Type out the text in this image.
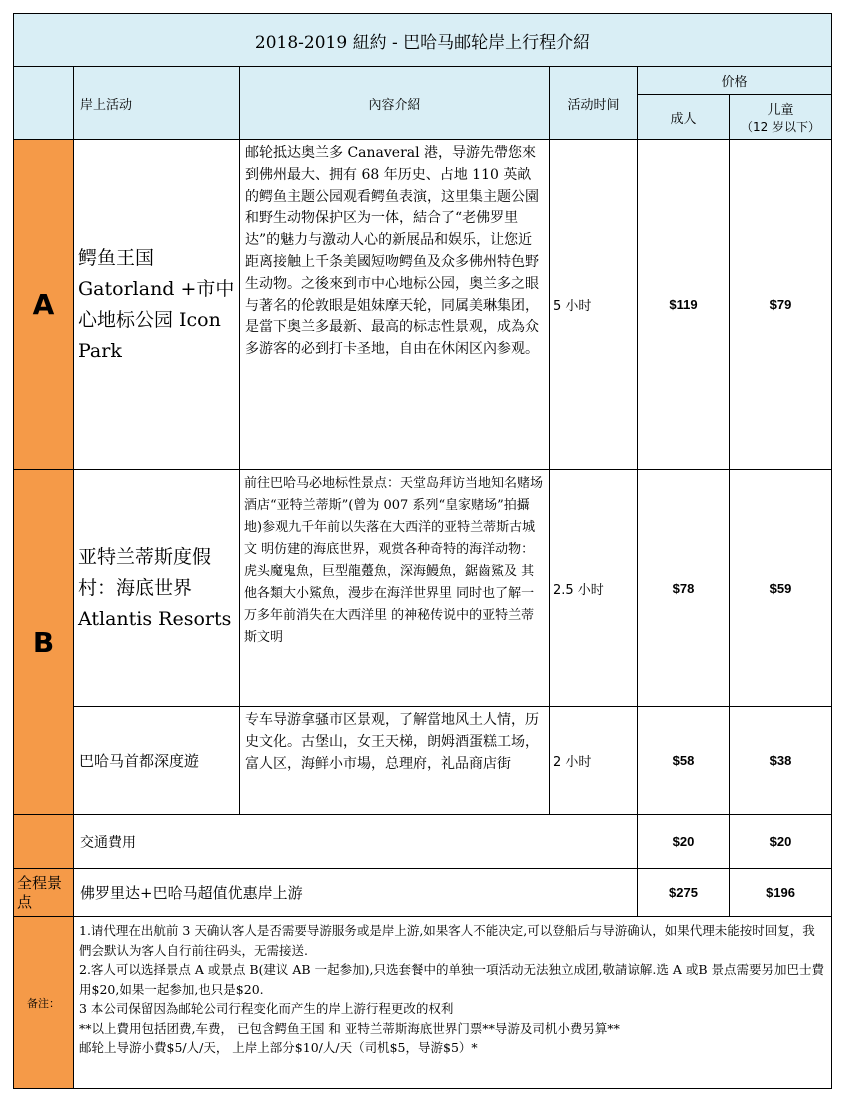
2018-2019 紐約 - 巴哈马邮轮岸上行程介紹					
	岸上活动	內容介紹	活动时间	价格	
				成人	儿童
（12 岁以下）

A	鳄鱼王国 Gatorland +市中心地标公园 Icon Park	邮轮抵达奥兰多 Canaveral 港，导游先帶您來到佛州最大、拥有 68 年历史、占地 110 英畝的鳄鱼主题公园观看鳄鱼表演，这里集主题公園和野生动物保护区为一体，結合了“老佛罗里达”的魅力与激动人心的新展品和娱乐，让您近距离接触上千条美國短吻鳄鱼及众多佛州特色野生动物。之後來到市中心地标公园，奥兰多之眼与著名的伦敦眼是姐妹摩天轮，同属美琳集团，是當下奥兰多最新、最高的标志性景观，成為众多游客的必到打卡圣地，自由在休闲区內参观。	5 小时	$119	$79
B	亚特兰蒂斯度假村：海底世界 Atlantis Resorts	前往巴哈马必地标性景点：天堂岛拜访当地知名赌场酒店“亚特兰蒂斯”(曾为 007 系列“皇家赌场”拍攝地)参观九千年前以失落在大西洋的亚特兰蒂斯古城文 明仿建的海底世界，观赏各种奇特的海洋动物：虎头魔鬼魚，巨型龍躉魚，深海鰻魚，鋸齒鯊及 其他各類大小鯊魚，漫步在海洋世界里 同时也了解一万多年前消失在大西洋里 的神秘传说中的亚特兰蒂斯文明	2.5 小时	$78	$59
	巴哈马首都深度遊	专车导游拿骚市区景观，了解當地风土人情，历史文化。古堡山，女王天梯，朗姆酒蛋糕工场，富人区，海鲜小市場，总理府，礼品商店街	2 小时	$58	$38
	交通費用			$20	$20
全程景点	佛罗里达+巴哈马超值优惠岸上游			$275	$196
备注：	1.请代理在出航前 3 天确认客人是否需要导游服务或是岸上游,如果客人不能决定,可以登船后与导游确认，如果代理未能按时回复，我們会默认为客人自行前往码头，无需接送.
2.客人可以选择景点 A 或景点 B(建议 AB 一起参加),只选套餐中的单独一項活动无法独立成团,敬請谅解.选 A 或B 景点需要另加巴士費用$20,如果一起参加,也只是$20.
3 本公司保留因為邮轮公司行程变化而产生的岸上游行程更改的权利
**以上費用包括团费,车费， 已包含鳄鱼王国 和 亚特兰蒂斯海底世界门票**导游及司机小费另算**
邮轮上导游小費$5/人/天， 上岸上部分$10/人/天（司机$5，导游$5）*				
